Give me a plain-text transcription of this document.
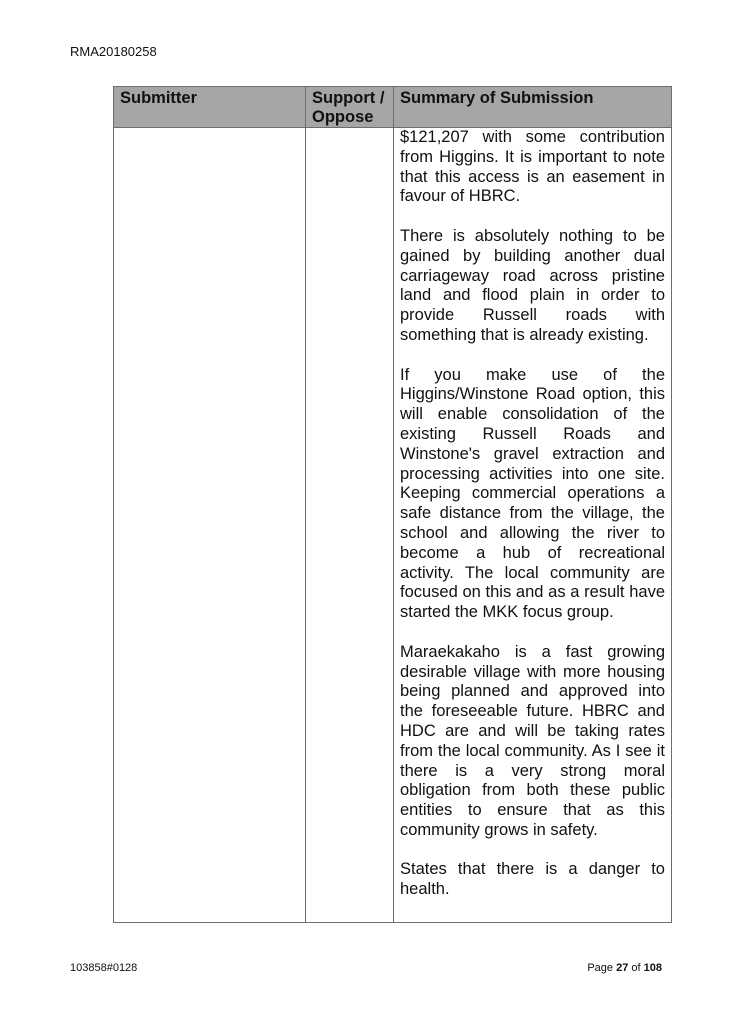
RMA20180258
Submitter	Support / Oppose	Summary of Submission

		$121,207 with some contribution from Higgins. It is important to note that this access is an easement in favour of HBRC.

There is absolutely nothing to be gained by building another dual carriageway road across pristine land and flood plain in order to provide Russell roads with something that is already existing.

If you make use of the Higgins/Winstone Road option, this will enable consolidation of the existing Russell Roads and Winstone's gravel extraction and processing activities into one site. Keeping commercial operations a safe distance from the village, the school and allowing the river to become a hub of recreational activity. The local community are focused on this and as a result have started the MKK focus group.

Maraekakaho is a fast growing desirable village with more housing being planned and approved into the foreseeable future. HBRC and HDC are and will be taking rates from the local community. As I see it there is a very strong moral obligation from both these public entities to ensure that as this community grows in safety.

States that there is a danger to health.

103858#0128	Page 27 of 108
